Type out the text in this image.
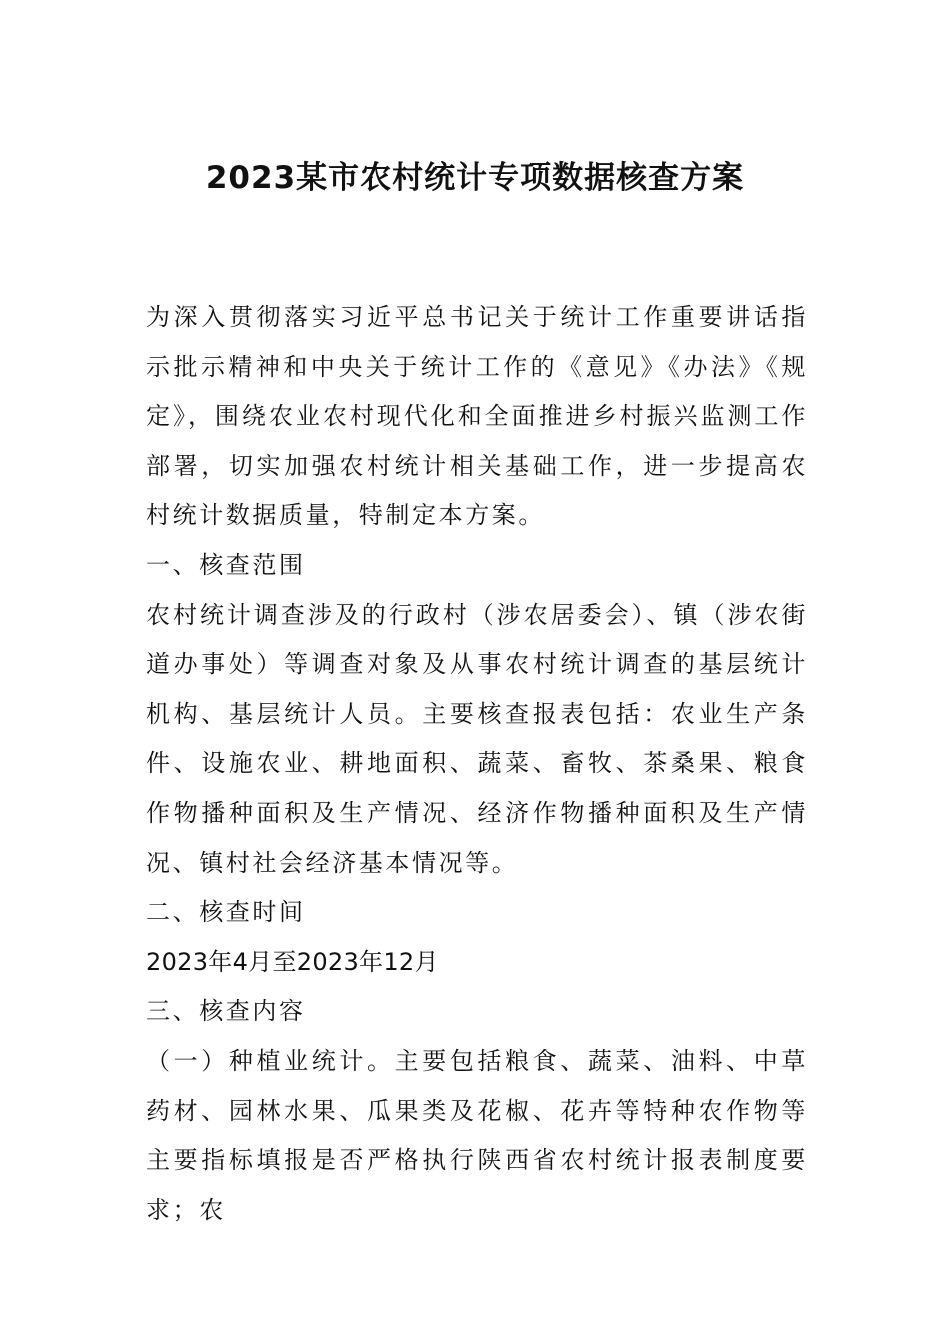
2023某市农村统计专项数据核查方案

为深入贯彻落实习近平总书记关于统计工作重要讲话指示批示精神和中央关于统计工作的《意见》《办法》《规定》，围绕农业农村现代化和全面推进乡村振兴监测工作部署，切实加强农村统计相关基础工作，进一步提高农村统计数据质量，特制定本方案。

一、核查范围

农村统计调查涉及的行政村（涉农居委会）、镇（涉农街道办事处）等调查对象及从事农村统计调查的基层统计机构、基层统计人员。主要核查报表包括：农业生产条件、设施农业、耕地面积、蔬菜、畜牧、茶桑果、粮食作物播种面积及生产情况、经济作物播种面积及生产情况、镇村社会经济基本情况等。

二、核查时间

2023年4月至2023年12月

三、核查内容

（一）种植业统计。主要包括粮食、蔬菜、油料、中草药材、园林水果、瓜果类及花椒、花卉等特种农作物等主要指标填报是否严格执行陕西省农村统计报表制度要求；农
